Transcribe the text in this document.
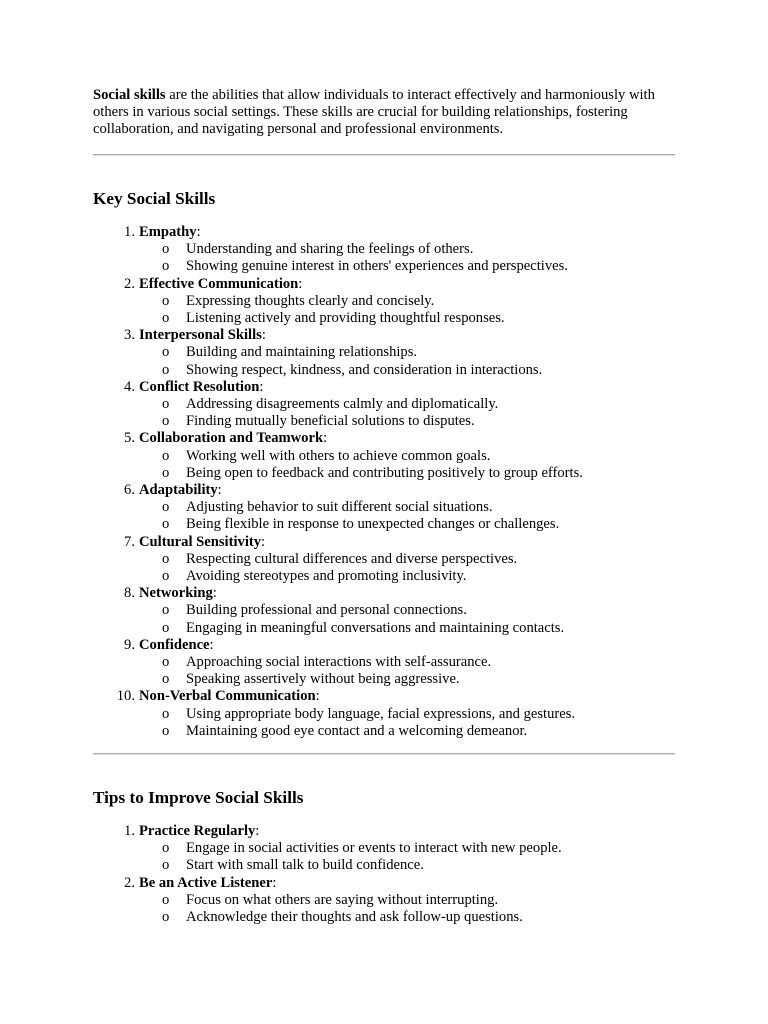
Social skills are the abilities that allow individuals to interact effectively and harmoniously with others in various social settings. These skills are crucial for building relationships, fostering collaboration, and navigating personal and professional environments.

Key Social Skills
1. Empathy:
o Understanding and sharing the feelings of others.
o Showing genuine interest in others' experiences and perspectives.
2. Effective Communication:
o Expressing thoughts clearly and concisely.
o Listening actively and providing thoughtful responses.
3. Interpersonal Skills:
o Building and maintaining relationships.
o Showing respect, kindness, and consideration in interactions.
4. Conflict Resolution:
o Addressing disagreements calmly and diplomatically.
o Finding mutually beneficial solutions to disputes.
5. Collaboration and Teamwork:
o Working well with others to achieve common goals.
o Being open to feedback and contributing positively to group efforts.
6. Adaptability:
o Adjusting behavior to suit different social situations.
o Being flexible in response to unexpected changes or challenges.
7. Cultural Sensitivity:
o Respecting cultural differences and diverse perspectives.
o Avoiding stereotypes and promoting inclusivity.
8. Networking:
o Building professional and personal connections.
o Engaging in meaningful conversations and maintaining contacts.
9. Confidence:
o Approaching social interactions with self-assurance.
o Speaking assertively without being aggressive.
10. Non-Verbal Communication:
o Using appropriate body language, facial expressions, and gestures.
o Maintaining good eye contact and a welcoming demeanor.
Tips to Improve Social Skills
1. Practice Regularly:
o Engage in social activities or events to interact with new people.
o Start with small talk to build confidence.
2. Be an Active Listener:
o Focus on what others are saying without interrupting.
o Acknowledge their thoughts and ask follow-up questions.
